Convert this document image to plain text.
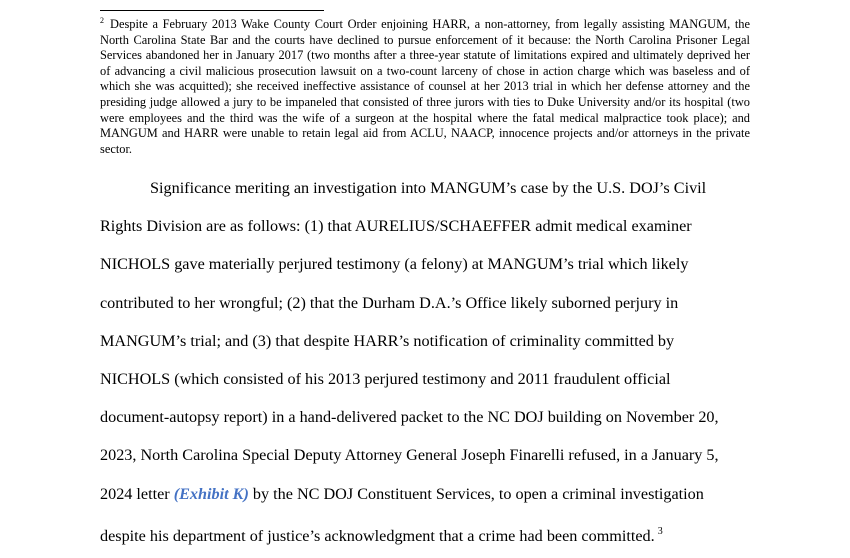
$^2$ Despite a February 2013 Wake County Court Order enjoining HARR, a non-attorney, from legally assisting MANGUM, the North Carolina State Bar and the courts have declined to pursue enforcement of it because: the North Carolina Prisoner Legal Services abandoned her in January 2017 (two months after a three-year statute of limitations expired and ultimately deprived her of advancing a civil malicious prosecution lawsuit on a two-count larceny of chose in action charge which was baseless and of which she was acquitted); she received ineffective assistance of counsel at her 2013 trial in which her defense attorney and the presiding judge allowed a jury to be impaneled that consisted of three jurors with ties to Duke University and/or its hospital (two were employees and the third was the wife of a surgeon at the hospital where the fatal medical malpractice took place); and MANGUM and HARR were unable to retain legal aid from ACLU, NAACP, innocence projects and/or attorneys in the private sector.
Significance meriting an investigation into MANGUM’s case by the U.S. DOJ’s Civil
Rights Division are as follows: (1) that AURELIUS/SCHAEFFER admit medical examiner
NICHOLS gave materially perjured testimony (a felony) at MANGUM’s trial which likely
contributed to her wrongful; (2) that the Durham D.A.’s Office likely suborned perjury in
MANGUM’s trial; and (3) that despite HARR’s notification of criminality committed by
NICHOLS (which consisted of his 2013 perjured testimony and 2011 fraudulent official
document-autopsy report) in a hand-delivered packet to the NC DOJ building on November 20,
2023, North Carolina Special Deputy Attorney General Joseph Finarelli refused, in a January 5,
2024 letter (Exhibit K) by the NC DOJ Constituent Services, to open a criminal investigation
despite his department of justice’s acknowledgment that a crime had been committed. $^3$
